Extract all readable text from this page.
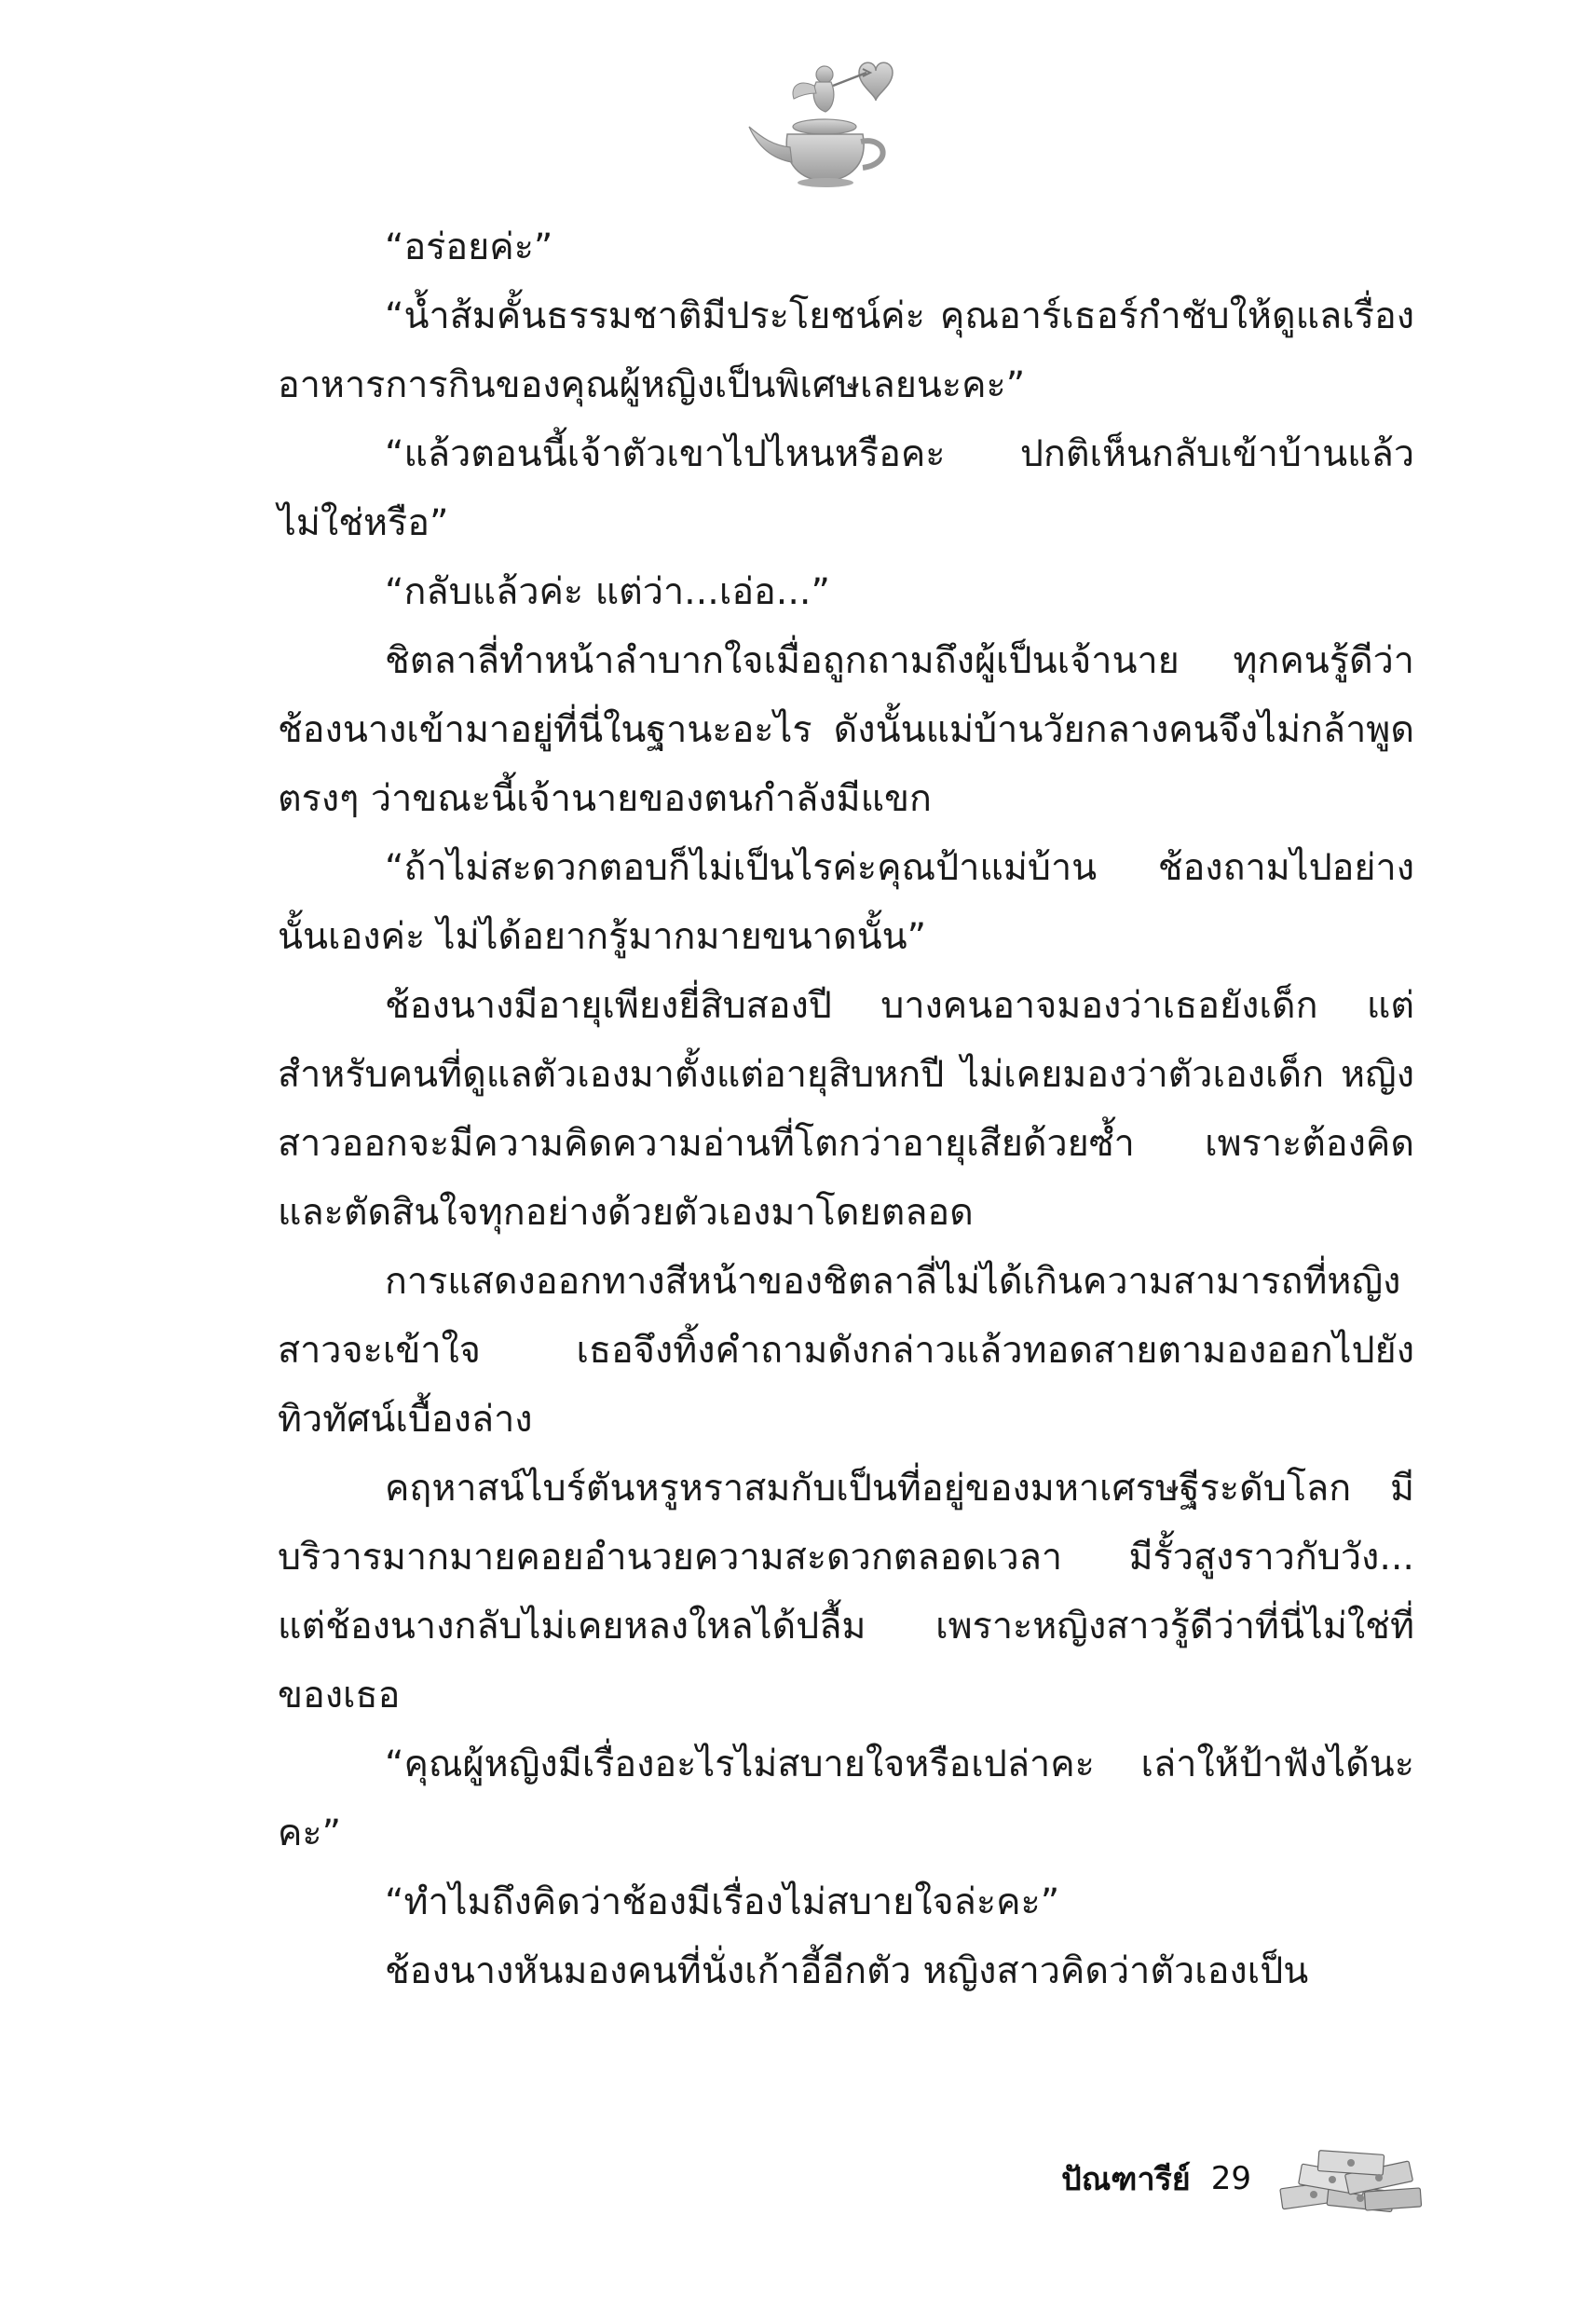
“อร่อยค่ะ”

“น้ำส้มคั้นธรรมชาติมีประโยชน์ค่ะ คุณอาร์เธอร์กำชับให้ดูแลเรื่องอาหารการกินของคุณผู้หญิงเป็นพิเศษเลยนะคะ”

“แล้วตอนนี้เจ้าตัวเขาไปไหนหรือคะ ปกติเห็นกลับเข้าบ้านแล้วไม่ใช่หรือ”

“กลับแล้วค่ะ แต่ว่า...เอ่อ...”

ชิตลาลี่ทำหน้าลำบากใจเมื่อถูกถามถึงผู้เป็นเจ้านาย ทุกคนรู้ดีว่าช้องนางเข้ามาอยู่ที่นี่ในฐานะอะไร ดังนั้นแม่บ้านวัยกลางคนจึงไม่กล้าพูดตรงๆ ว่าขณะนี้เจ้านายของตนกำลังมีแขก

“ถ้าไม่สะดวกตอบก็ไม่เป็นไรค่ะคุณป้าแม่บ้าน ช้องถามไปอย่างนั้นเองค่ะ ไม่ได้อยากรู้มากมายขนาดนั้น”

ช้องนางมีอายุเพียงยี่สิบสองปี บางคนอาจมองว่าเธอยังเด็ก แต่สำหรับคนที่ดูแลตัวเองมาตั้งแต่อายุสิบหกปี ไม่เคยมองว่าตัวเองเด็ก หญิงสาวออกจะมีความคิดความอ่านที่โตกว่าอายุเสียด้วยซ้ำ เพราะต้องคิดและตัดสินใจทุกอย่างด้วยตัวเองมาโดยตลอด

การแสดงออกทางสีหน้าของชิตลาลี่ไม่ได้เกินความสามารถที่หญิงสาวจะเข้าใจ เธอจึงทิ้งคำถามดังกล่าวแล้วทอดสายตามองออกไปยังทิวทัศน์เบื้องล่าง

คฤหาสน์ไบร์ตันหรูหราสมกับเป็นที่อยู่ของมหาเศรษฐีระดับโลก มีบริวารมากมายคอยอำนวยความสะดวกตลอดเวลา มีรั้วสูงราวกับวัง... แต่ช้องนางกลับไม่เคยหลงใหลได้ปลื้ม เพราะหญิงสาวรู้ดีว่าที่นี่ไม่ใช่ที่ของเธอ

“คุณผู้หญิงมีเรื่องอะไรไม่สบายใจหรือเปล่าคะ เล่าให้ป้าฟังได้นะคะ”

“ทำไมถึงคิดว่าช้องมีเรื่องไม่สบายใจล่ะคะ”

ช้องนางหันมองคนที่นั่งเก้าอี้อีกตัว หญิงสาวคิดว่าตัวเองเป็น

ปัณฑารีย์ 29
